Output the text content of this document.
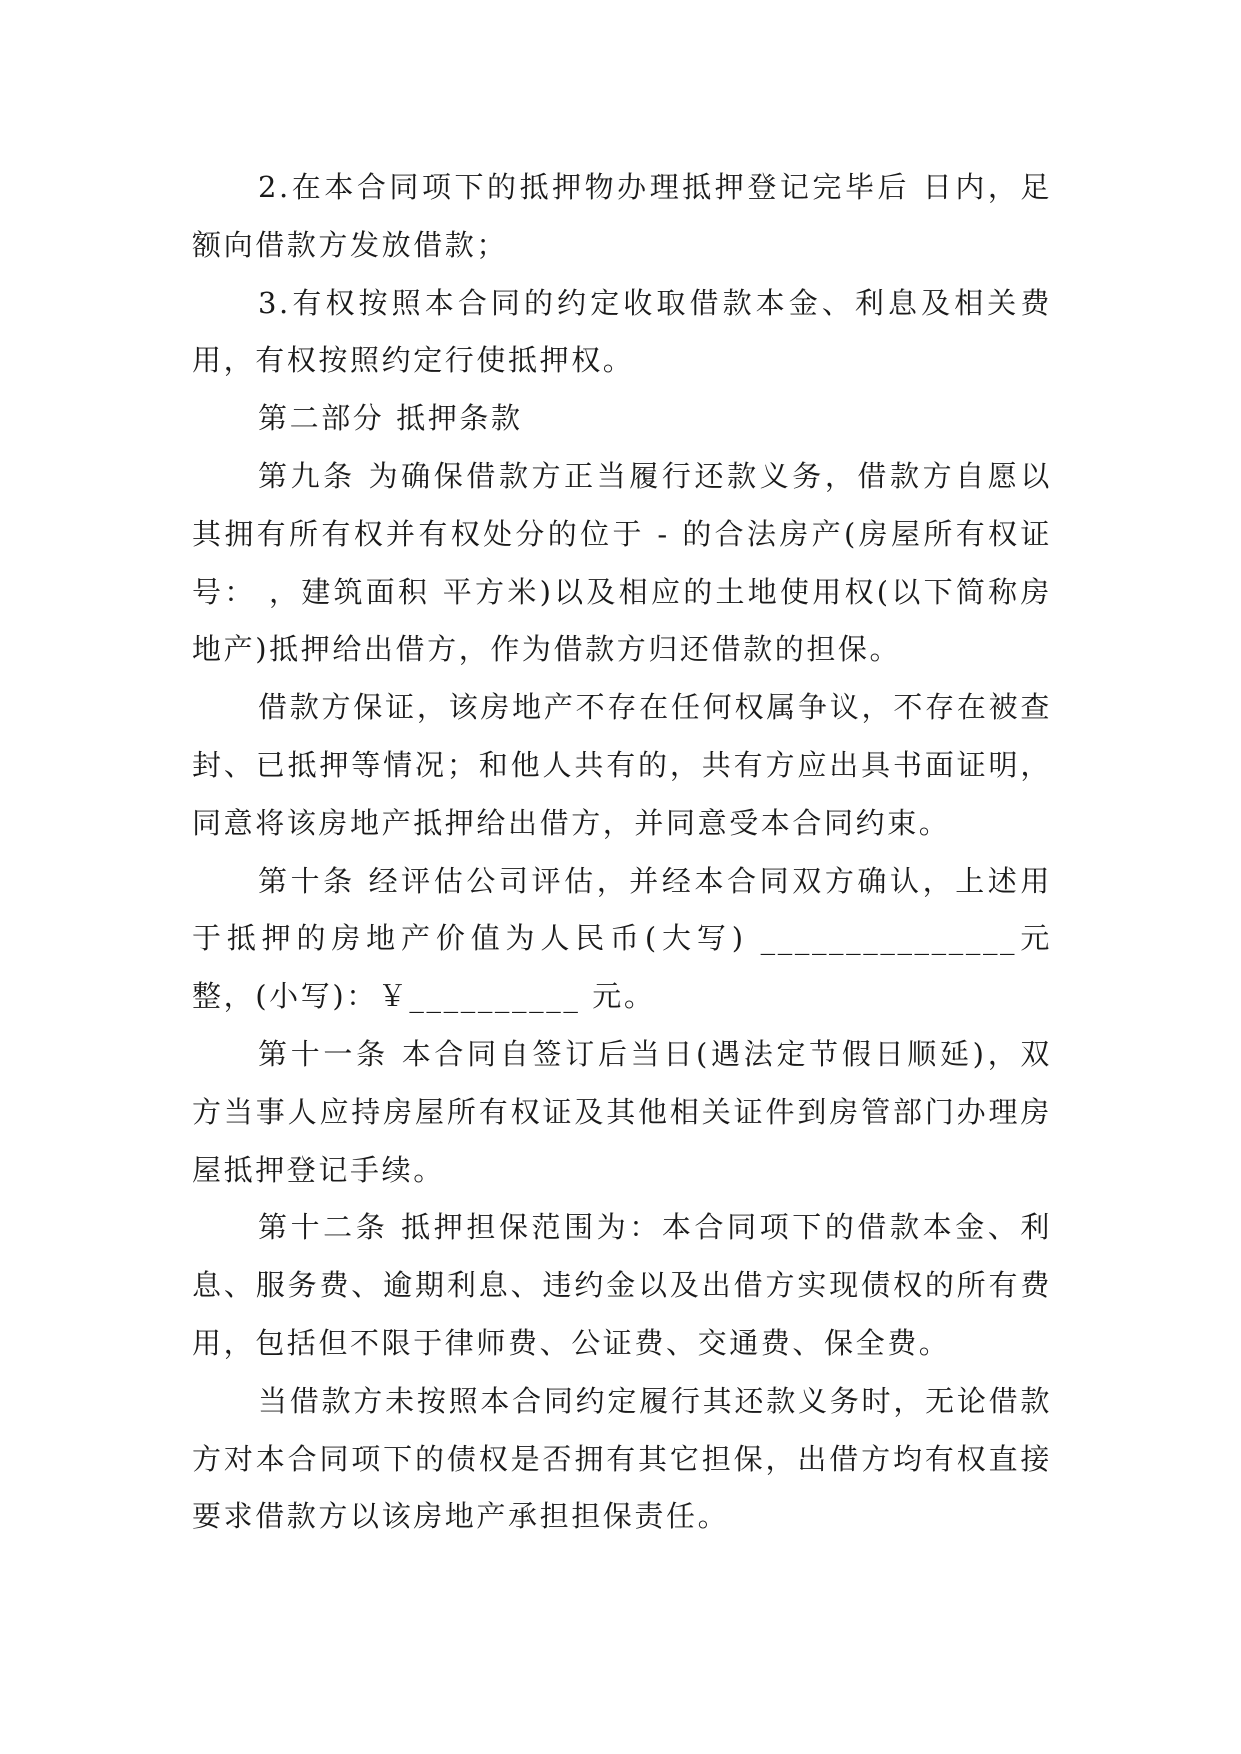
2.在本合同项下的抵押物办理抵押登记完毕后 日内，足额向借款方发放借款；

3.有权按照本合同的约定收取借款本金、利息及相关费用，有权按照约定行使抵押权。

第二部分 抵押条款

第九条 为确保借款方正当履行还款义务，借款方自愿以其拥有所有权并有权处分的位于 - 的合法房产(房屋所有权证号： ，建筑面积 平方米)以及相应的土地使用权(以下简称房地产)抵押给出借方，作为借款方归还借款的担保。

借款方保证，该房地产不存在任何权属争议，不存在被查封、已抵押等情况；和他人共有的，共有方应出具书面证明，同意将该房地产抵押给出借方，并同意受本合同约束。

第十条 经评估公司评估，并经本合同双方确认，上述用于抵押的房地产价值为人民币(大写) _______________元整，(小写)：￥__________ 元。

第十一条 本合同自签订后当日(遇法定节假日顺延)，双方当事人应持房屋所有权证及其他相关证件到房管部门办理房屋抵押登记手续。

第十二条 抵押担保范围为：本合同项下的借款本金、利息、服务费、逾期利息、违约金以及出借方实现债权的所有费用，包括但不限于律师费、公证费、交通费、保全费。

当借款方未按照本合同约定履行其还款义务时，无论借款方对本合同项下的债权是否拥有其它担保，出借方均有权直接要求借款方以该房地产承担担保责任。
